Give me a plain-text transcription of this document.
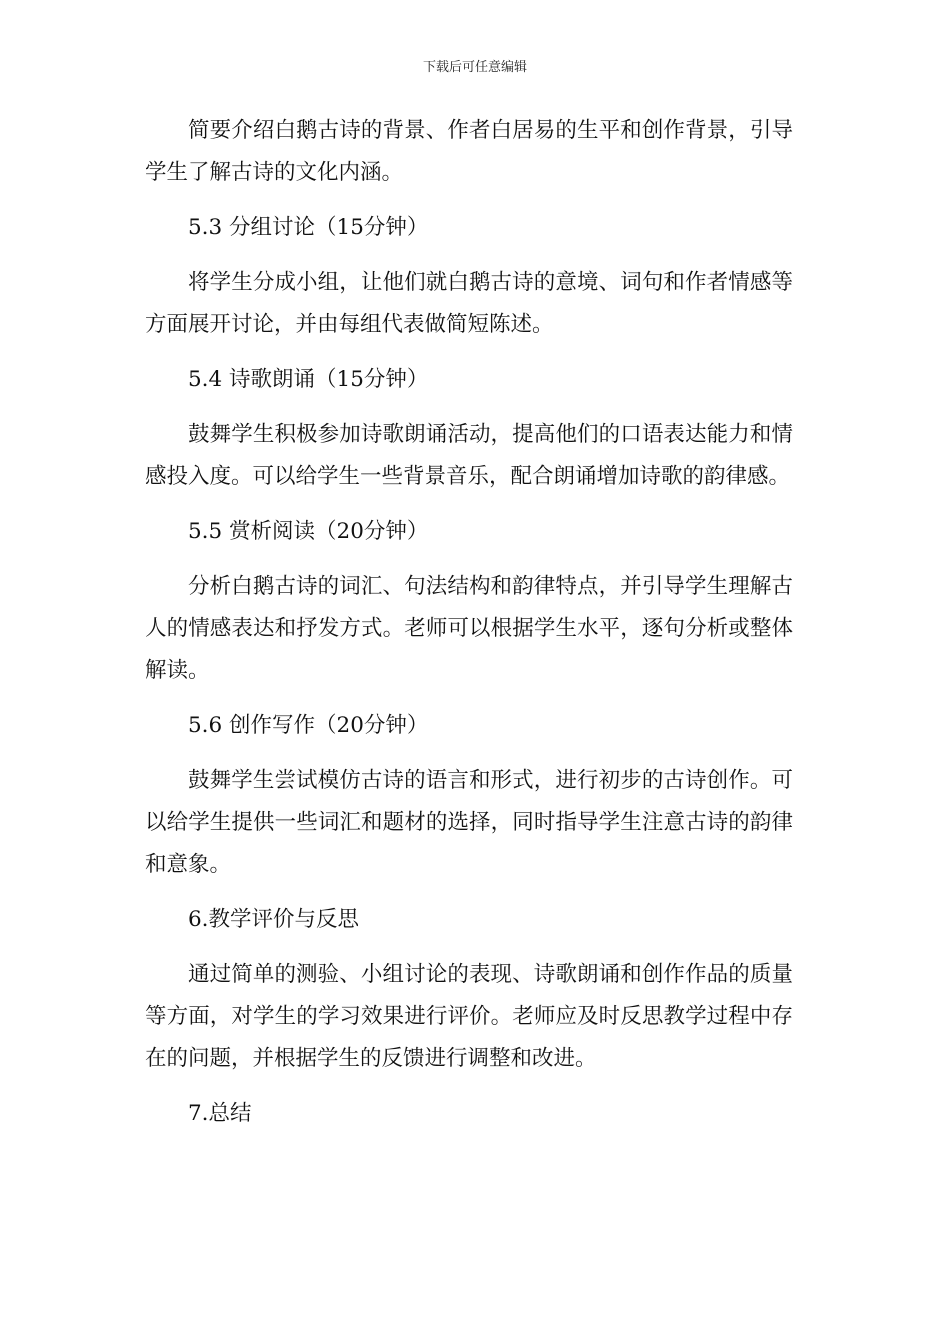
下载后可任意编辑

简要介绍白鹅古诗的背景、作者白居易的生平和创作背景，引导学生了解古诗的文化内涵。

5.3 分组讨论（15分钟）

将学生分成小组，让他们就白鹅古诗的意境、词句和作者情感等方面展开讨论，并由每组代表做简短陈述。

5.4 诗歌朗诵（15分钟）

鼓舞学生积极参加诗歌朗诵活动，提高他们的口语表达能力和情感投入度。可以给学生一些背景音乐，配合朗诵增加诗歌的韵律感。

5.5 赏析阅读（20分钟）

分析白鹅古诗的词汇、句法结构和韵律特点，并引导学生理解古人的情感表达和抒发方式。老师可以根据学生水平，逐句分析或整体解读。

5.6 创作写作（20分钟）

鼓舞学生尝试模仿古诗的语言和形式，进行初步的古诗创作。可以给学生提供一些词汇和题材的选择，同时指导学生注意古诗的韵律和意象。

6.教学评价与反思

通过简单的测验、小组讨论的表现、诗歌朗诵和创作作品的质量等方面，对学生的学习效果进行评价。老师应及时反思教学过程中存在的问题，并根据学生的反馈进行调整和改进。

7.总结
